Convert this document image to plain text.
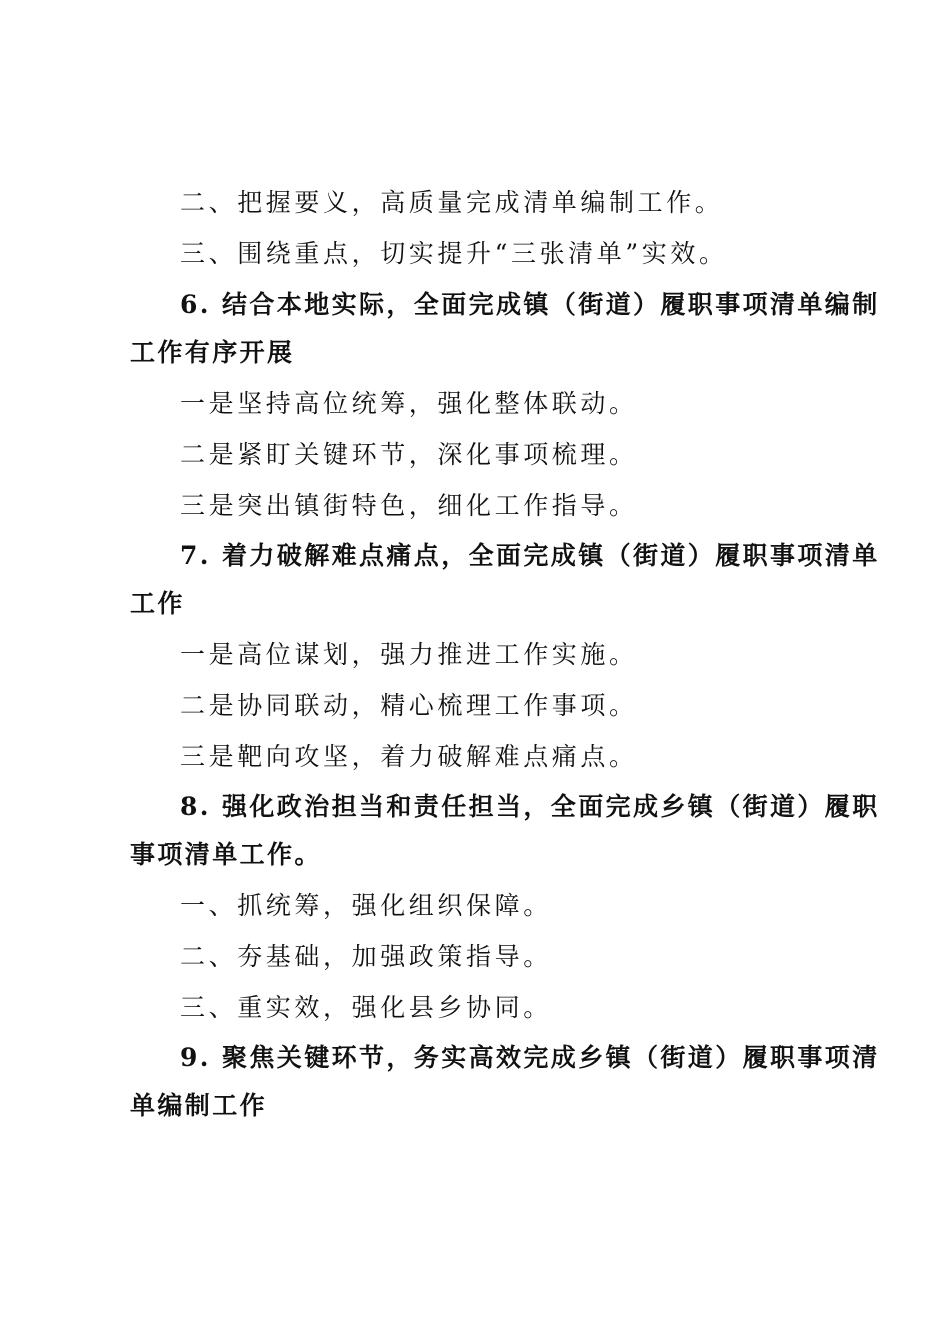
二、把握要义，高质量完成清单编制工作。
三、围绕重点，切实提升“三张清单”实效。
6. 结合本地实际，全面完成镇（街道）履职事项清单编制
工作有序开展
一是坚持高位统筹，强化整体联动。
二是紧盯关键环节，深化事项梳理。
三是突出镇街特色，细化工作指导。
7. 着力破解难点痛点，全面完成镇（街道）履职事项清单
工作
一是高位谋划，强力推进工作实施。
二是协同联动，精心梳理工作事项。
三是靶向攻坚，着力破解难点痛点。
8. 强化政治担当和责任担当，全面完成乡镇（街道）履职
事项清单工作。
一、抓统筹，强化组织保障。
二、夯基础，加强政策指导。
三、重实效，强化县乡协同。
9. 聚焦关键环节，务实高效完成乡镇（街道）履职事项清
单编制工作
